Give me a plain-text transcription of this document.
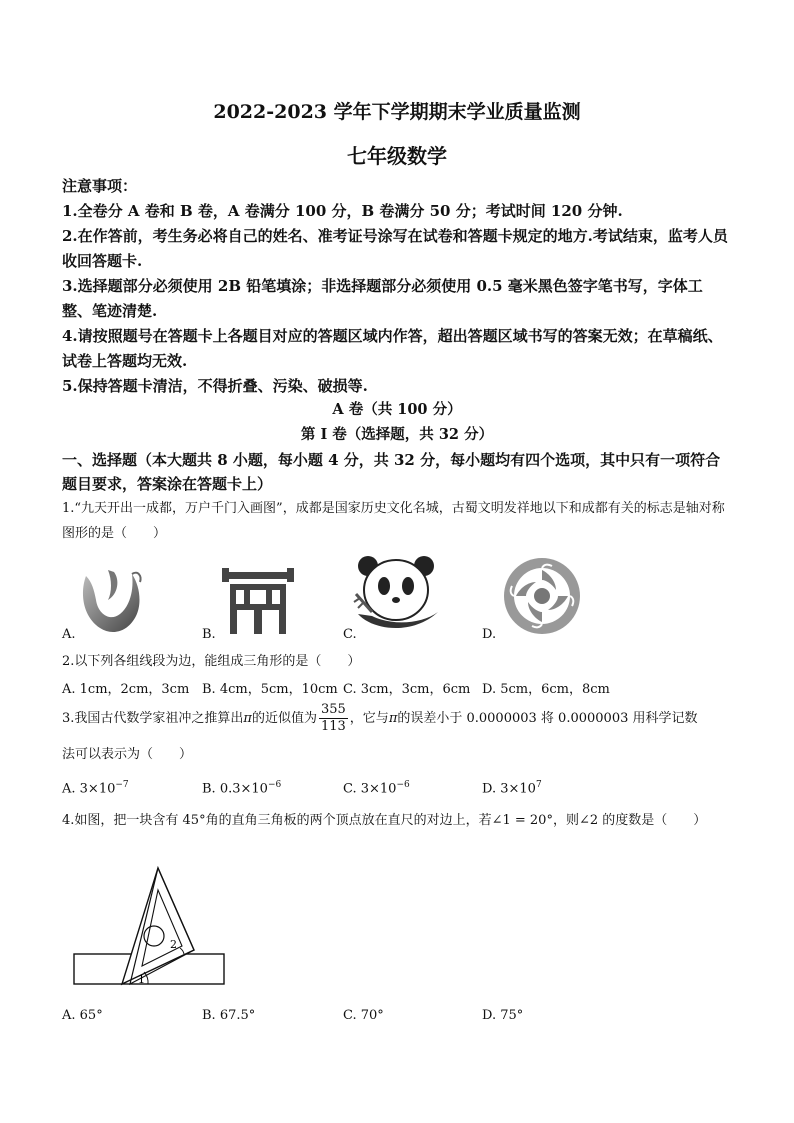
2022-2023 学年下学期期末学业质量监测
七年级数学

注意事项：

1.全卷分 A 卷和 B 卷，A 卷满分 100 分，B 卷满分 50 分；考试时间 120 分钟.

2.在作答前，考生务必将自己的姓名、准考证号涂写在试卷和答题卡规定的地方.考试结束，监考人员收回答题卡.

3.选择题部分必须使用 2B 铅笔填涂；非选择题部分必须使用 0.5 毫米黑色签字笔书写，字体工整、笔迹清楚.

4.请按照题号在答题卡上各题目对应的答题区域内作答，超出答题区域书写的答案无效；在草稿纸、试卷上答题均无效.

5.保持答题卡清洁，不得折叠、污染、破损等.

A 卷（共 100 分）
第 I 卷（选择题，共 32 分）
一、选择题（本大题共 8 小题，每小题 4 分，共 32 分，每小题均有四个选项，其中只有一项符合题目要求，答案涂在答题卡上）
1.“九天开出一成都，万户千门入画图”，成都是国家历史文化名城，古蜀文明发祥地以下和成都有关的标志是轴对称图形的是（　　）
A.	B.	C.	D.
2.以下列各组线段为边，能组成三角形的是（　　）
A. 1cm，2cm，3cm B. 4cm，5cm，10cm C. 3cm，3cm，6cm D. 5cm，6cm，8cm
3.我国古代数学家祖冲之推算出π的近似值为 $\frac{355}{113}$ ，它与π的误差小于 0.0000003 将 0.0000003 用科学记数
法可以表示为（　　）
A. $3\times 10^{-7}$	B. $0.3\times 10^{-6}$	C. $3\times 10^{-6}$	D. $3\times 10^7$
4.如图，把一块含有 45°角的直角三角板的两个顶点放在直尺的对边上，若∠1 = 20°，则∠2 的度数是（　　）
1
2
A. 65°	B. 67.5°	C. 70°	D. 75°
